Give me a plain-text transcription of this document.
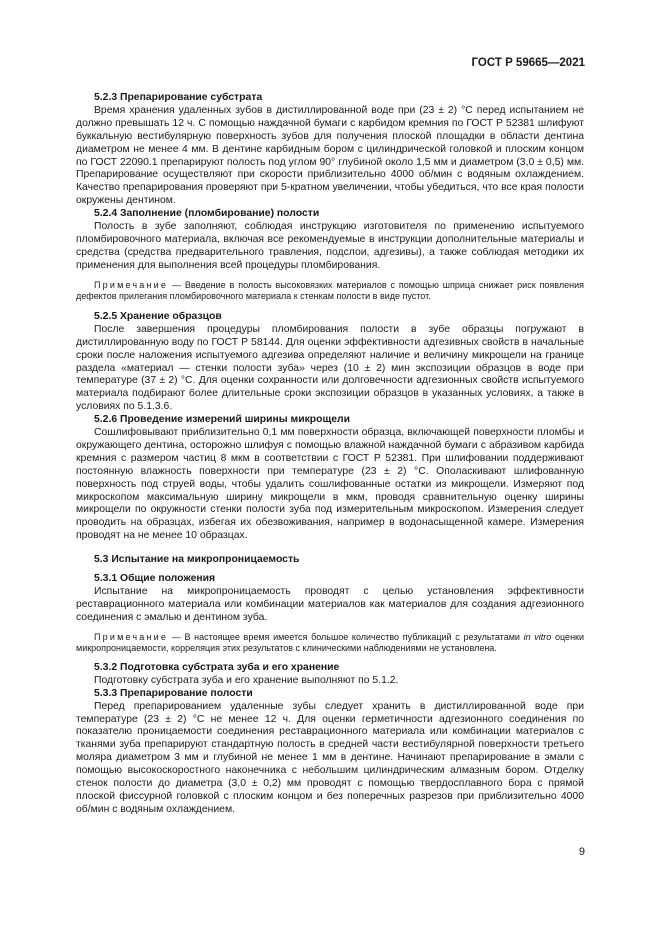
ГОСТ Р 59665—2021

5.2.3 Препарирование субстрата

Время хранения удаленных зубов в дистиллированной воде при (23 ± 2) °С перед испытанием не должно превышать 12 ч. С помощью наждачной бумаги с карбидом кремния по ГОСТ Р 52381 шлифуют буккальную вестибулярную поверхность зубов для получения плоской площадки в области дентина диаметром не менее 4 мм. В дентине карбидным бором с цилиндрической головкой и плоским концом по ГОСТ 22090.1 препарируют полость под углом 90° глубиной около 1,5 мм и диаметром (3,0 ± 0,5) мм. Препарирование осуществляют при скорости приблизительно 4000 об/мин с водяным охлаждением. Качество препарирования проверяют при 5-кратном увеличении, чтобы убедиться, что все края полости окружены дентином.

5.2.4 Заполнение (пломбирование) полости

Полость в зубе заполняют, соблюдая инструкцию изготовителя по применению испытуемого пломбировочного материала, включая все рекомендуемые в инструкции дополнительные материалы и средства (средства предварительного травления, подслои, адгезивы), а также соблюдая методики их применения для выполнения всей процедуры пломбирования.

Примечание — Введение в полость высоковязких материалов с помощью шприца снижает риск появления дефектов прилегания пломбировочного материала к стенкам полости в виде пустот.

5.2.5 Хранение образцов

После завершения процедуры пломбирования полости в зубе образцы погружают в дистиллированную воду по ГОСТ Р 58144. Для оценки эффективности адгезивных свойств в начальные сроки после наложения испытуемого адгезива определяют наличие и величину микрощели на границе раздела «материал — стенки полости зуба» через (10 ± 2) мин экспозиции образцов в воде при температуре (37 ± 2) °С. Для оценки сохранности или долговечности адгезионных свойств испытуемого материала подбирают более длительные сроки экспозиции образцов в указанных условиях, а также в условиях по 5.1.3.6.

5.2.6 Проведение измерений ширины микрощели

Сошлифовывают приблизительно 0,1 мм поверхности образца, включающей поверхности пломбы и окружающего дентина, осторожно шлифуя с помощью влажной наждачной бумаги с абразивом карбида кремния с размером частиц 8 мкм в соответствии с ГОСТ Р 52381. При шлифовании поддерживают постоянную влажность поверхности при температуре (23 ± 2) °С. Ополаскивают шлифованную поверхность под струей воды, чтобы удалить сошлифованные остатки из микрощели. Измеряют под микроскопом максимальную ширину микрощели в мкм, проводя сравнительную оценку ширины микрощели по окружности стенки полости зуба под измерительным микроскопом. Измерения следует проводить на образцах, избегая их обезвоживания, например в водонасыщенной камере. Измерения проводят на не менее 10 образцах.

5.3 Испытание на микропроницаемость

5.3.1 Общие положения

Испытание на микропроницаемость проводят с целью установления эффективности реставрационного материала или комбинации материалов как материалов для создания адгезионного соединения с эмалью и дентином зуба.

Примечание — В настоящее время имеется большое количество публикаций с результатами in vitro оценки микропроницаемости, корреляция этих результатов с клиническими наблюдениями не установлена.

5.3.2 Подготовка субстрата зуба и его хранение

Подготовку субстрата зуба и его хранение выполняют по 5.1.2.

5.3.3 Препарирование полости

Перед препарированием удаленные зубы следует хранить в дистиллированной воде при температуре (23 ± 2) °С не менее 12 ч. Для оценки герметичности адгезионного соединения по показателю проницаемости соединения реставрационного материала или комбинации материалов с тканями зуба препарируют стандартную полость в средней части вестибулярной поверхности третьего моляра диаметром 3 мм и глубиной не менее 1 мм в дентине. Начинают препарирование в эмали с помощью высокоскоростного наконечника с небольшим цилиндрическим алмазным бором. Отделку стенок полости до диаметра (3,0 ± 0,2) мм проводят с помощью твердосплавного бора с прямой плоской фиссурной головкой с плоским концом и без поперечных разрезов при приблизительно 4000 об/мин с водяным охлаждением.

9
